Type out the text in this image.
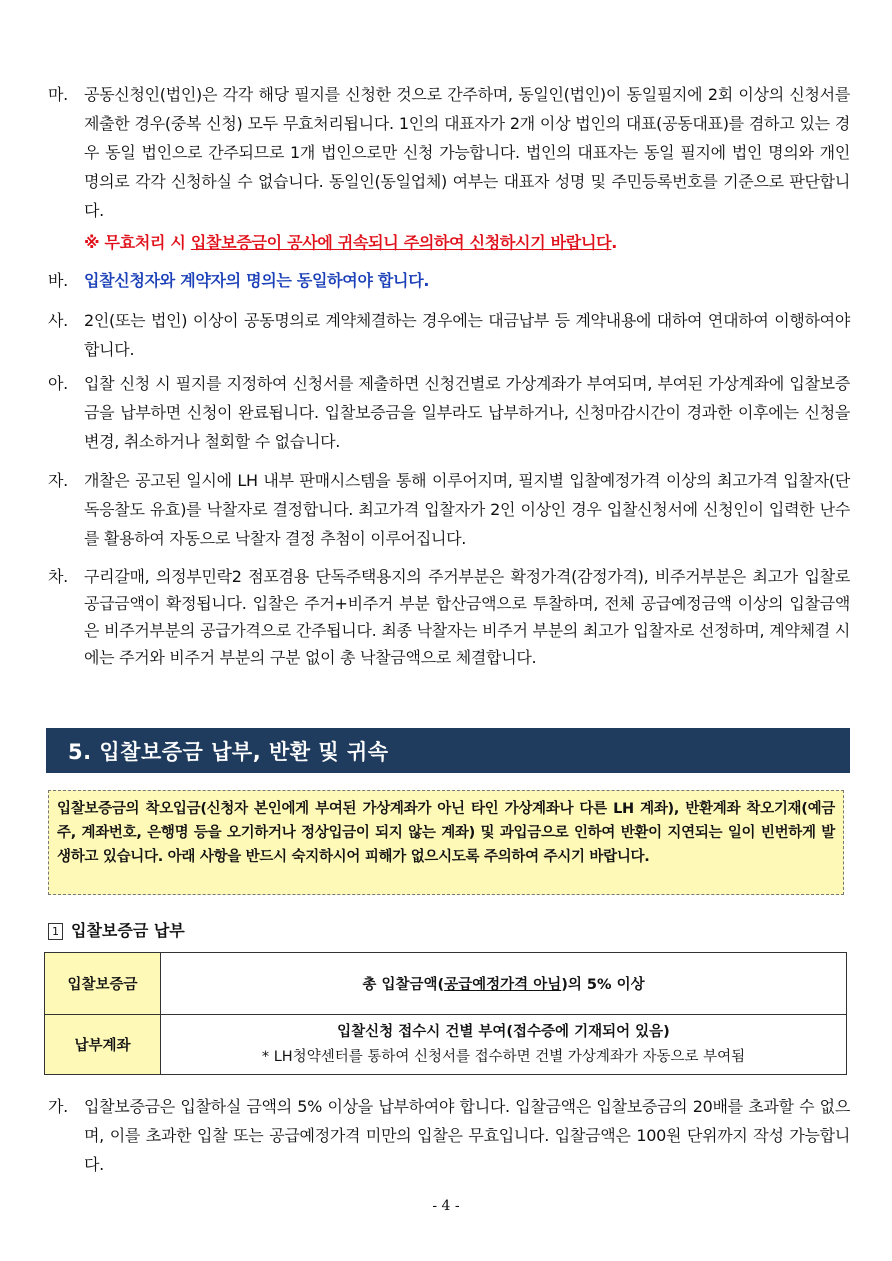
마. 공동신청인(법인)은 각각 해당 필지를 신청한 것으로 간주하며, 동일인(법인)이 동일필지에 2회 이상의 신청서를 제출한 경우(중복 신청) 모두 무효처리됩니다. 1인의 대표자가 2개 이상 법인의 대표(공동대표)를 겸하고 있는 경우 동일 법인으로 간주되므로 1개 법인으로만 신청 가능합니다. 법인의 대표자는 동일 필지에 법인 명의와 개인 명의로 각각 신청하실 수 없습니다. 동일인(동일업체) 여부는 대표자 성명 및 주민등록번호를 기준으로 판단합니다.
※ 무효처리 시 입찰보증금이 공사에 귀속되니 주의하여 신청하시기 바랍니다.
바. 입찰신청자와 계약자의 명의는 동일하여야 합니다.
사. 2인(또는 법인) 이상이 공동명의로 계약체결하는 경우에는 대금납부 등 계약내용에 대하여 연대하여 이행하여야 합니다.
아. 입찰 신청 시 필지를 지정하여 신청서를 제출하면 신청건별로 가상계좌가 부여되며, 부여된 가상계좌에 입찰보증금을 납부하면 신청이 완료됩니다. 입찰보증금을 일부라도 납부하거나, 신청마감시간이 경과한 이후에는 신청을 변경, 취소하거나 철회할 수 없습니다.
자. 개찰은 공고된 일시에 LH 내부 판매시스템을 통해 이루어지며, 필지별 입찰예정가격 이상의 최고가격 입찰자(단독응찰도 유효)를 낙찰자로 결정합니다. 최고가격 입찰자가 2인 이상인 경우 입찰신청서에 신청인이 입력한 난수를 활용하여 자동으로 낙찰자 결정 추첨이 이루어집니다.
차. 구리갈매, 의정부민락2 점포겸용 단독주택용지의 주거부분은 확정가격(감정가격), 비주거부분은 최고가 입찰로 공급금액이 확정됩니다. 입찰은 주거+비주거 부분 합산금액으로 투찰하며, 전체 공급예정금액 이상의 입찰금액은 비주거부분의 공급가격으로 간주됩니다. 최종 낙찰자는 비주거 부분의 최고가 입찰자로 선정하며, 계약체결 시에는 주거와 비주거 부분의 구분 없이 총 낙찰금액으로 체결합니다.
5. 입찰보증금 납부, 반환 및 귀속
입찰보증금의 착오입금(신청자 본인에게 부여된 가상계좌가 아닌 타인 가상계좌나 다른 LH 계좌), 반환계좌 착오기재(예금주, 계좌번호, 은행명 등을 오기하거나 정상입금이 되지 않는 계좌) 및 과입금으로 인하여 반환이 지연되는 일이 빈번하게 발생하고 있습니다. 아래 사항을 반드시 숙지하시어 피해가 없으시도록 주의하여 주시기 바랍니다.
1 입찰보증금 납부
입찰보증금	총 입찰금액(공급예정가격 아님)의 5% 이상
납부계좌	입찰신청 접수시 건별 부여(접수증에 기재되어 있음)
* LH청약센터를 통하여 신청서를 접수하면 건별 가상계좌가 자동으로 부여됨
가. 입찰보증금은 입찰하실 금액의 5% 이상을 납부하여야 합니다. 입찰금액은 입찰보증금의 20배를 초과할 수 없으며, 이를 초과한 입찰 또는 공급예정가격 미만의 입찰은 무효입니다. 입찰금액은 100원 단위까지 작성 가능합니다.
- 4 -
